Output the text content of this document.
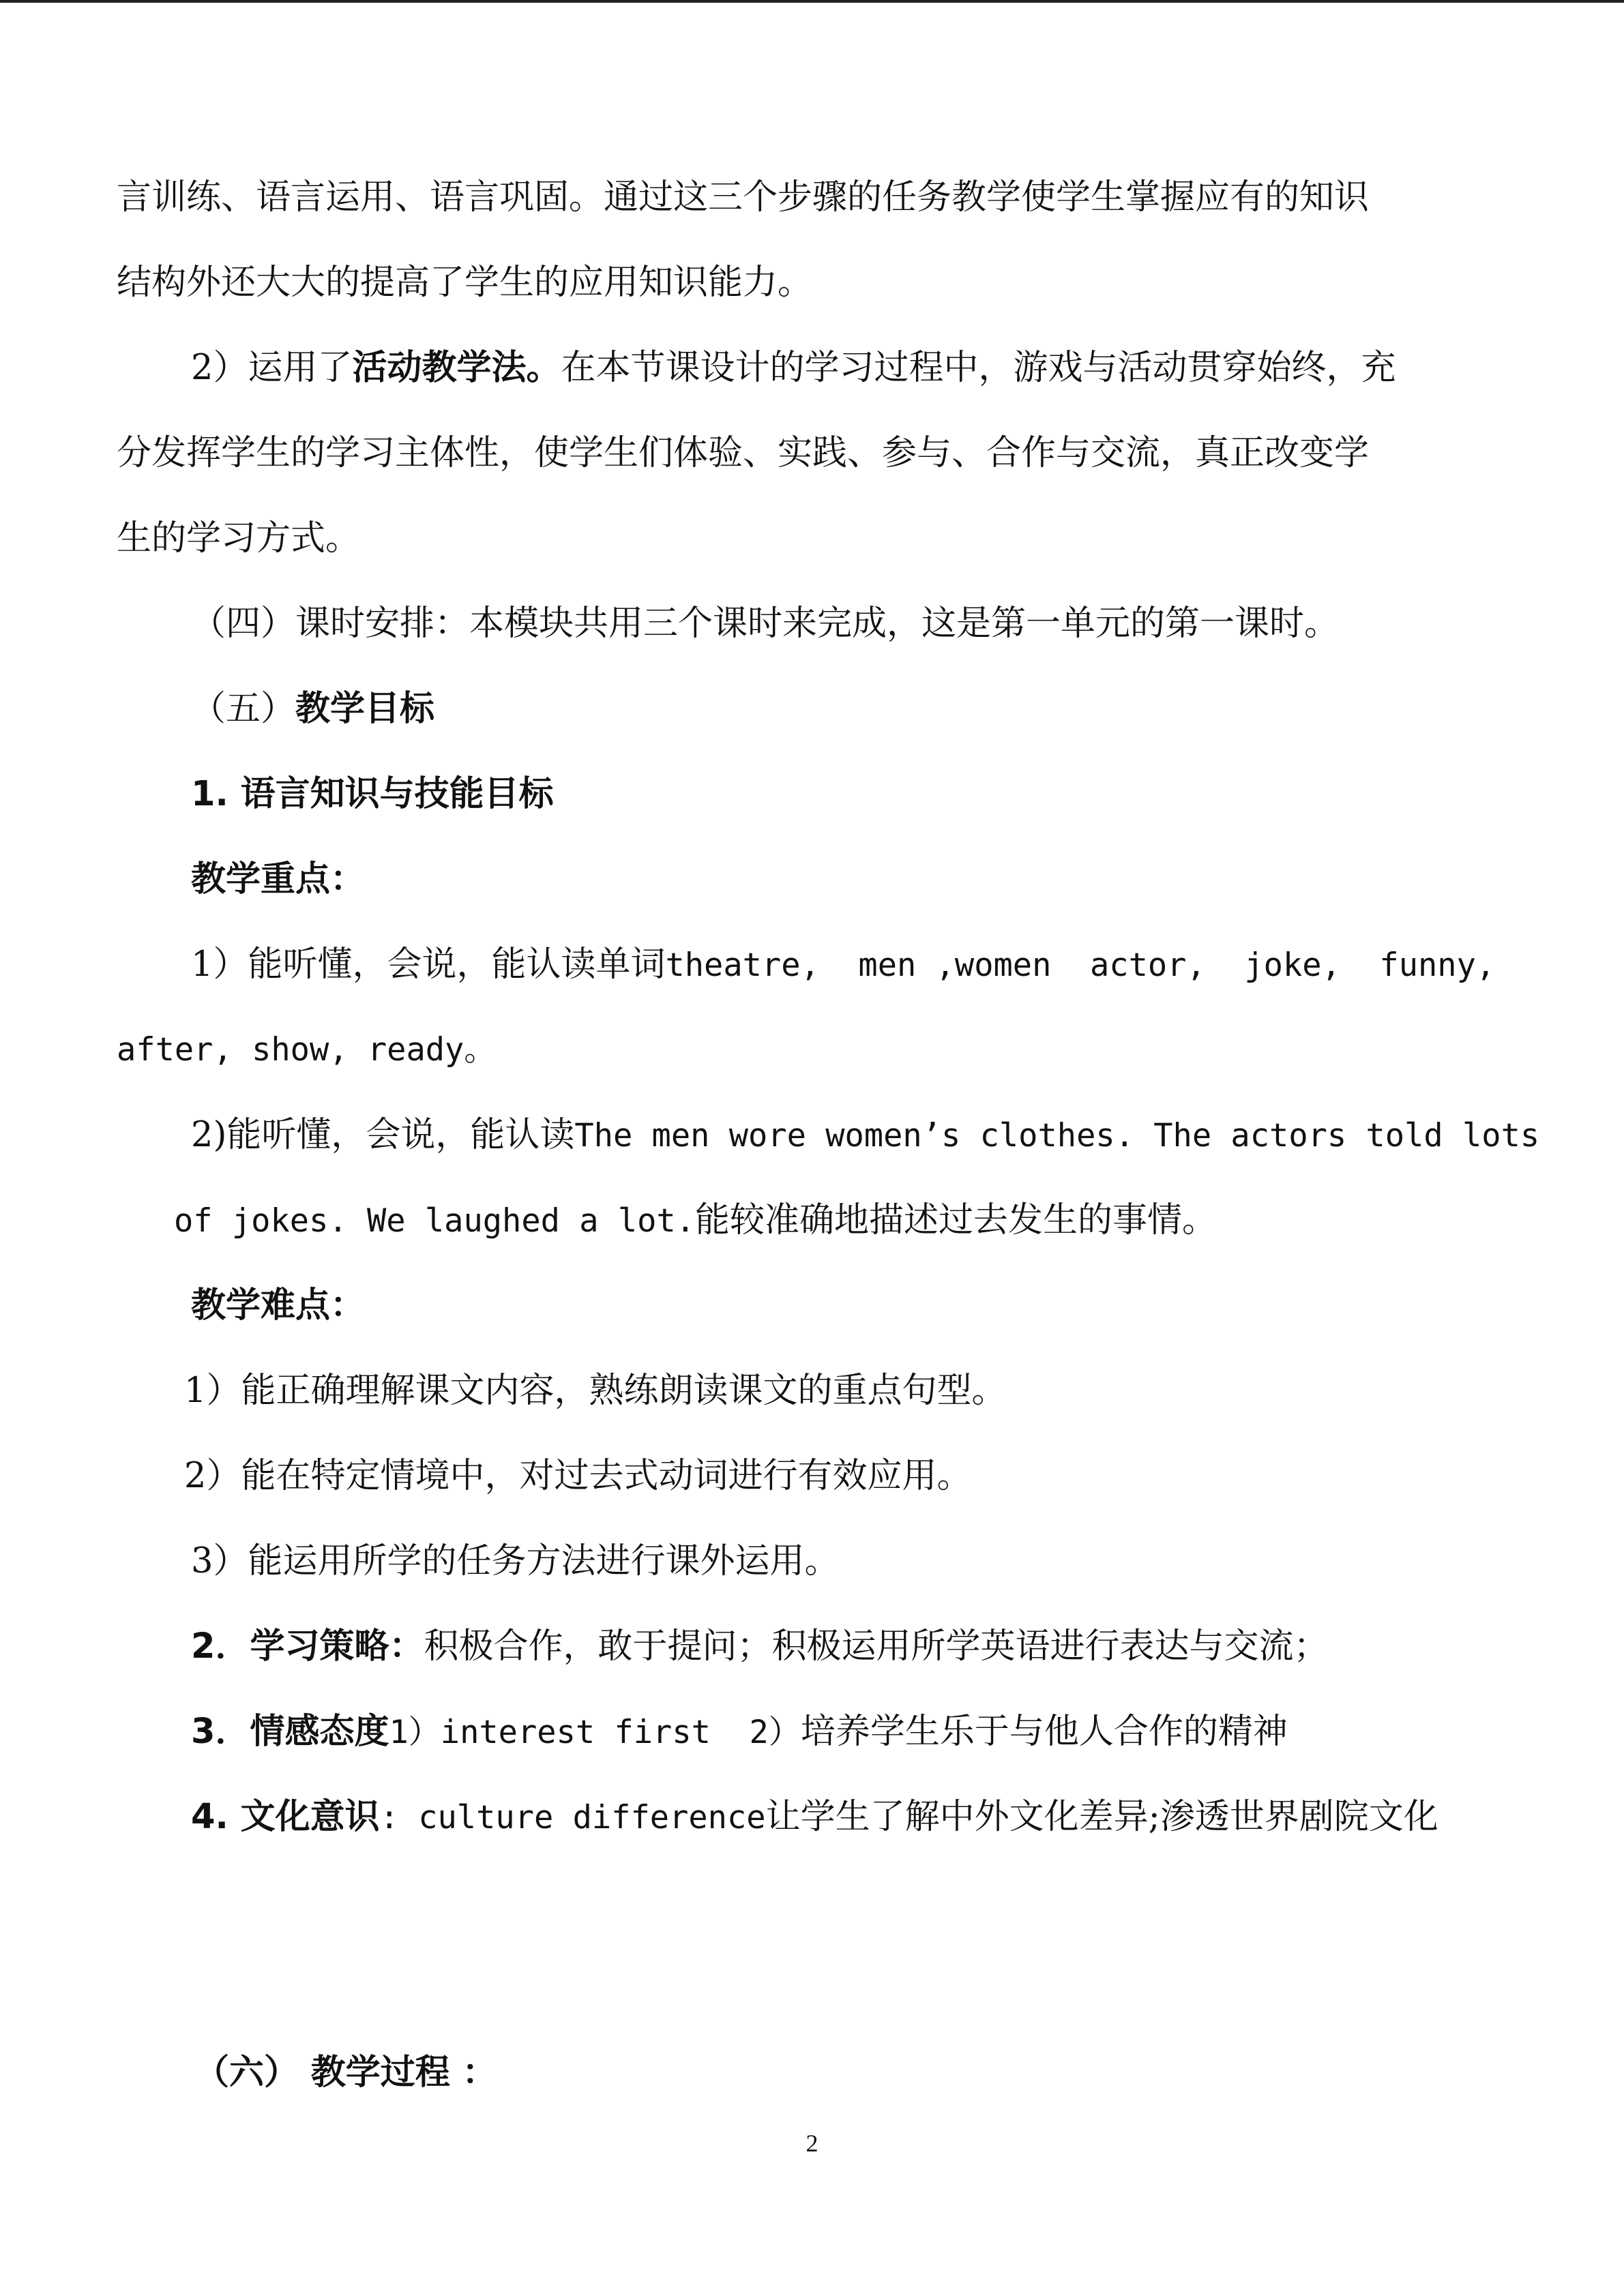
言训练、语言运用、语言巩固。通过这三个步骤的任务教学使学生掌握应有的知识
结构外还大大的提高了学生的应用知识能力。
2）运用了活动教学法。在本节课设计的学习过程中，游戏与活动贯穿始终，充
分发挥学生的学习主体性，使学生们体验、实践、参与、合作与交流，真正改变学
生的学习方式。
（四）课时安排：本模块共用三个课时来完成，这是第一单元的第一课时。
（五）教学目标
1. 语言知识与技能目标
教学重点：
1）能听懂，会说，能认读单词theatre,  men ,women  actor,  joke,  funny,
after, show, ready。
2)能听懂，会说，能认读The men wore women’s clothes. The actors told lots
of jokes. We laughed a lot.能较准确地描述过去发生的事情。
教学难点：
1）能正确理解课文内容，熟练朗读课文的重点句型。
2）能在特定情境中，对过去式动词进行有效应用。
3）能运用所学的任务方法进行课外运用。
2．学习策略：积极合作，敢于提问；积极运用所学英语进行表达与交流；
3．情感态度1）interest first  2）培养学生乐于与他人合作的精神
4. 文化意识: culture difference让学生了解中外文化差异;渗透世界剧院文化
（六） 教学过程 ：
2
